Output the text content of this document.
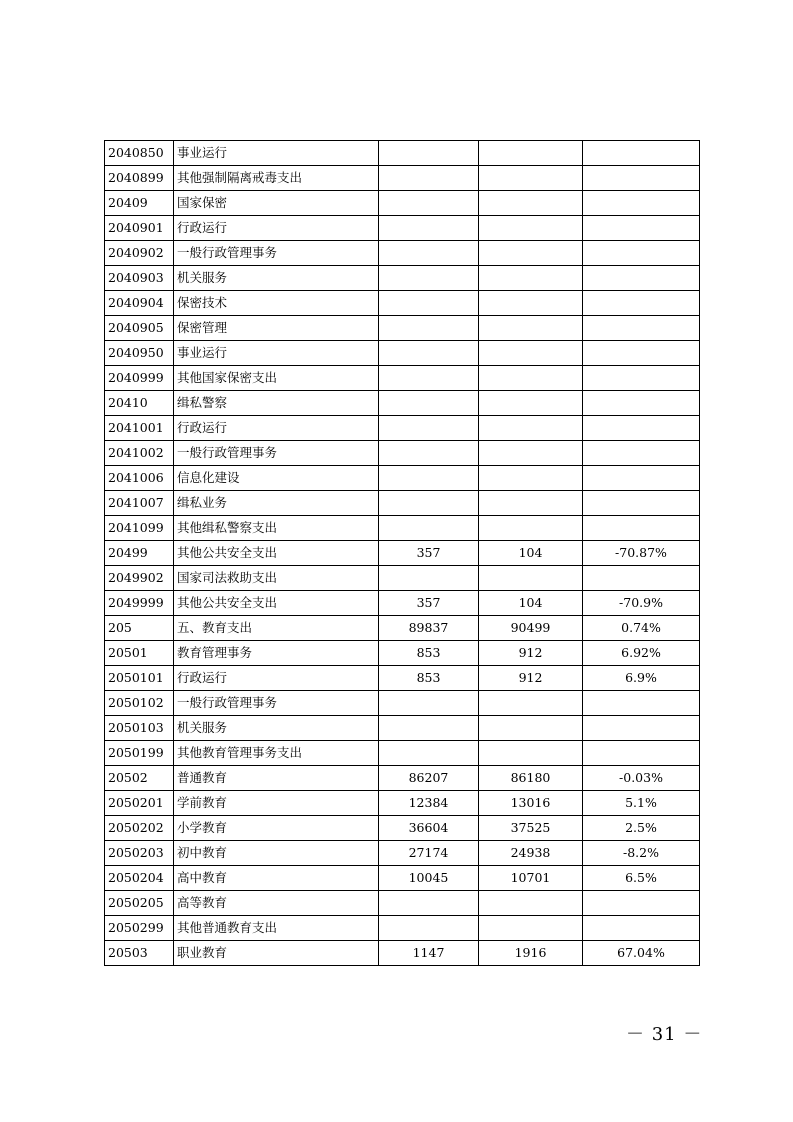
2040850	事业运行			
2040899	其他强制隔离戒毒支出			
20409	国家保密			
2040901	行政运行			
2040902	一般行政管理事务			
2040903	机关服务			
2040904	保密技术			
2040905	保密管理			
2040950	事业运行			
2040999	其他国家保密支出			
20410	缉私警察			
2041001	行政运行			
2041002	一般行政管理事务			
2041006	信息化建设			
2041007	缉私业务			
2041099	其他缉私警察支出			
20499	其他公共安全支出	357	104	-70.87%
2049902	国家司法救助支出			
2049999	其他公共安全支出	357	104	-70.9%
205	五、教育支出	89837	90499	0.74%
20501	教育管理事务	853	912	6.92%
2050101	行政运行	853	912	6.9%
2050102	一般行政管理事务			
2050103	机关服务			
2050199	其他教育管理事务支出			
20502	普通教育	86207	86180	-0.03%
2050201	学前教育	12384	13016	5.1%
2050202	小学教育	36604	37525	2.5%
2050203	初中教育	27174	24938	-8.2%
2050204	高中教育	10045	10701	6.5%
2050205	高等教育			
2050299	其他普通教育支出			
20503	职业教育	1147	1916	67.04%
－ 31 －
